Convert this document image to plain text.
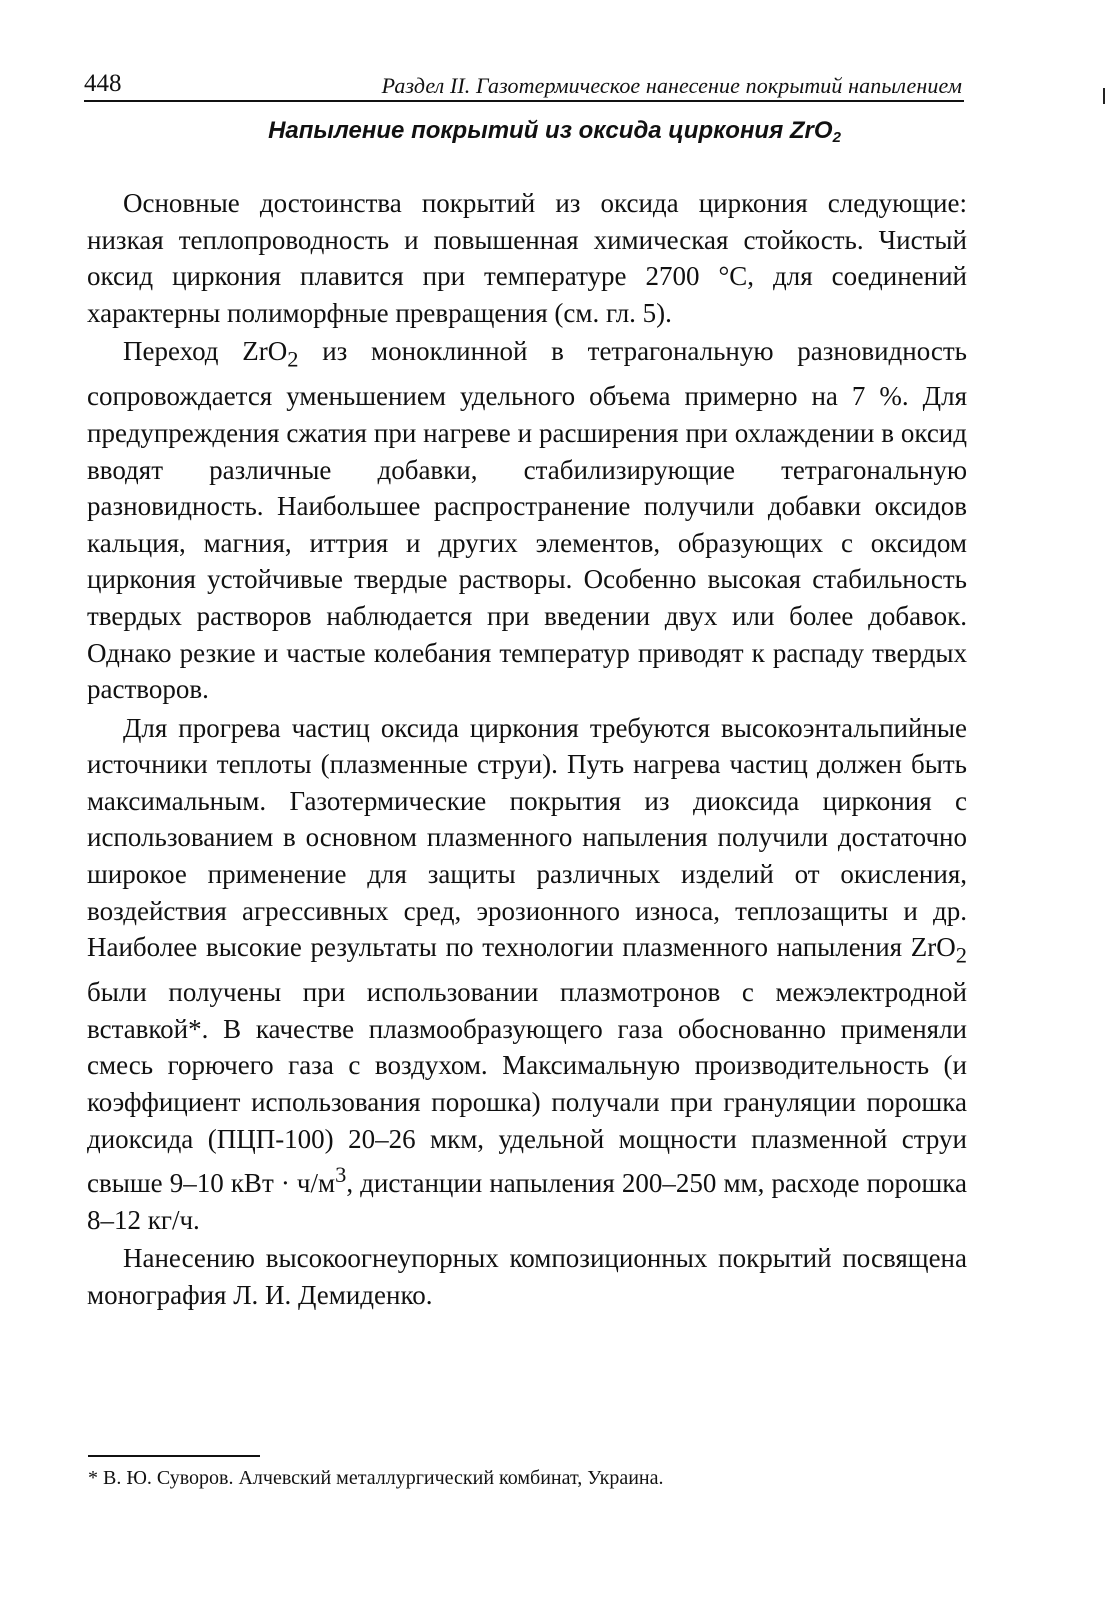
448	Раздел II. Газотермическое нанесение покрытий напылением
Напыление покрытий из оксида циркония ZrO$_2$

Основные достоинства покрытий из оксида циркония следующие: низкая теплопроводность и повышенная химическая стойкость. Чистый оксид циркония плавится при температуре 2700 °С, для соединений характерны полиморфные превращения (см. гл. 5).

Переход ZrO$_2$ из моноклинной в тетрагональную разновидность сопровождается уменьшением удельного объема примерно на 7 %. Для предупреждения сжатия при нагреве и расширения при охлаждении в оксид вводят различные добавки, стабилизирующие тетрагональную разновидность. Наибольшее распространение получили добавки оксидов кальция, магния, иттрия и других элементов, образующих с оксидом циркония устойчивые твердые растворы. Особенно высокая стабильность твердых растворов наблюдается при введении двух или более добавок. Однако резкие и частые колебания температур приводят к распаду твердых растворов.

Для прогрева частиц оксида циркония требуются высокоэнтальпийные источники теплоты (плазменные струи). Путь нагрева частиц должен быть максимальным. Газотермические покрытия из диоксида циркония с использованием в основном плазменного напыления получили достаточно широкое применение для защиты различных изделий от окисления, воздействия агрессивных сред, эрозионного износа, теплозащиты и др. Наиболее высокие результаты по технологии плазменного напыления ZrO$_2$ были получены при использовании плазмотронов с межэлектродной вставкой*. В качестве плазмообразующего газа обоснованно применяли смесь горючего газа с воздухом. Максимальную производительность (и коэффициент использования порошка) получали при грануляции порошка диоксида (ПЦП-100) 20–26 мкм, удельной мощности плазменной струи свыше 9–10 кВт · $ч/м^3$, дистанции напыления 200–250 мм, расходе порошка 8–12 кг/ч.

Нанесению высокоогнеупорных композиционных покрытий посвящена монография Л. И. Демиденко.

* В. Ю. Суворов. Алчевский металлургический комбинат, Украина.
